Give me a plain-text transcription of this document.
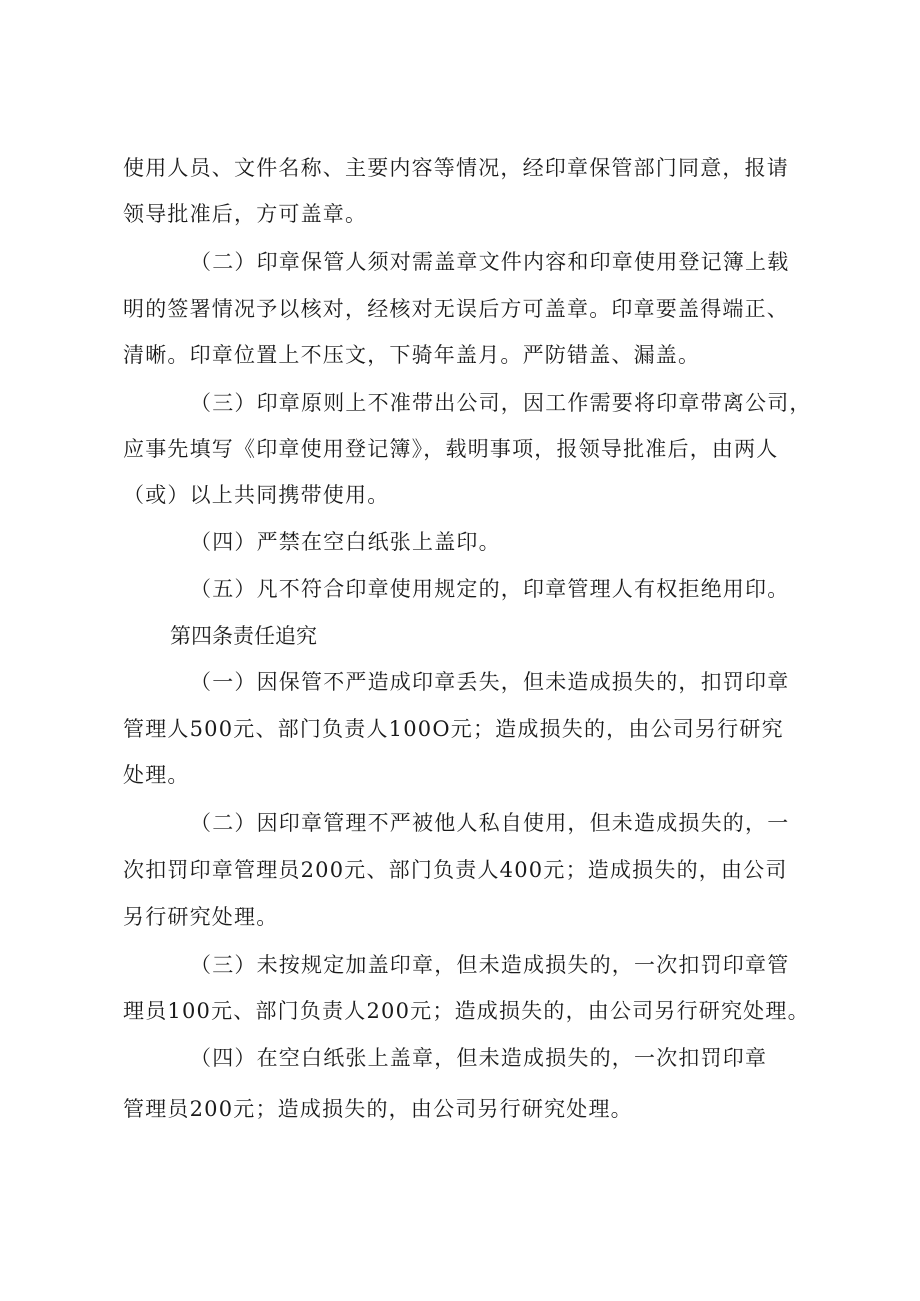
使用人员、文件名称、主要内容等情况，经印章保管部门同意，报请
领导批准后，方可盖章。
（二）印章保管人须对需盖章文件内容和印章使用登记簿上载
明的签署情况予以核对，经核对无误后方可盖章。印章要盖得端正、
清晰。印章位置上不压文，下骑年盖月。严防错盖、漏盖。
（三）印章原则上不准带出公司，因工作需要将印章带离公司，
应事先填写《印章使用登记簿》，载明事项，报领导批准后，由两人
（或）以上共同携带使用。
（四）严禁在空白纸张上盖印。
（五）凡不符合印章使用规定的，印章管理人有权拒绝用印。
第四条责任追究
（一）因保管不严造成印章丢失，但未造成损失的，扣罚印章
管理人500元、部门负责人100O元；造成损失的，由公司另行研究
处理。
（二）因印章管理不严被他人私自使用，但未造成损失的，一
次扣罚印章管理员200元、部门负责人400元；造成损失的，由公司
另行研究处理。
（三）未按规定加盖印章，但未造成损失的，一次扣罚印章管
理员100元、部门负责人200元；造成损失的，由公司另行研究处理。
（四）在空白纸张上盖章，但未造成损失的，一次扣罚印章
管理员200元；造成损失的，由公司另行研究处理。
